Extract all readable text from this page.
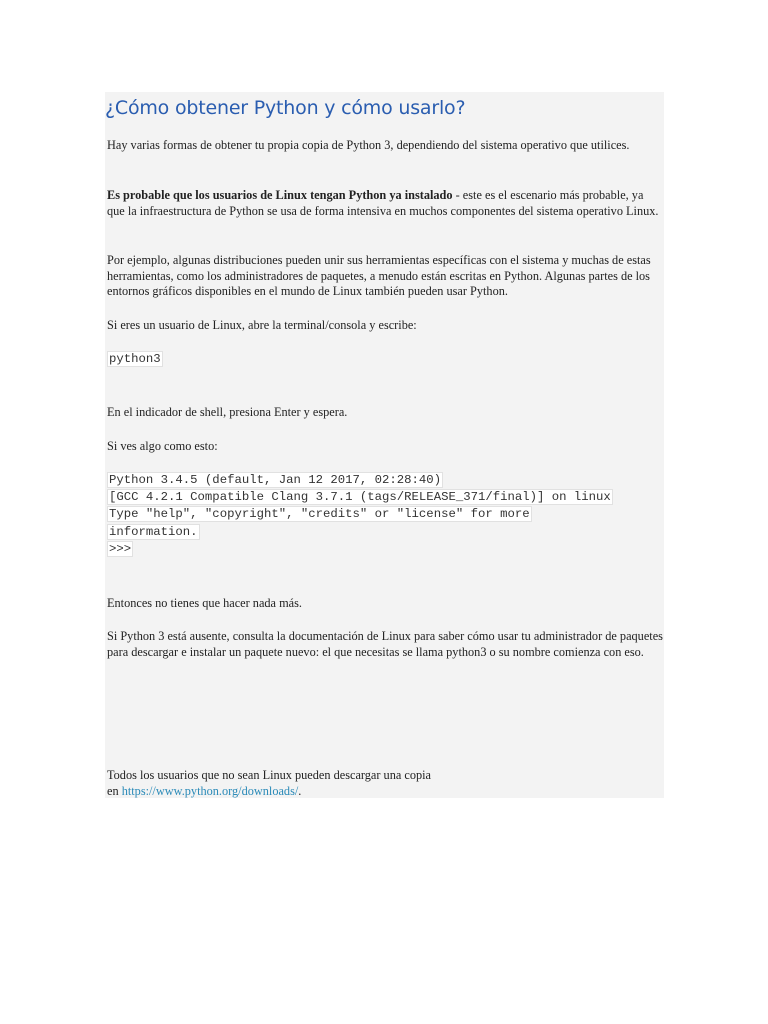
¿Cómo obtener Python y cómo usarlo?

Hay varias formas de obtener tu propia copia de Python 3, dependiendo del sistema operativo que utilices.

Es probable que los usuarios de Linux tengan Python ya instalado - este es el escenario más probable, ya que la infraestructura de Python se usa de forma intensiva en muchos componentes del sistema operativo Linux.

Por ejemplo, algunas distribuciones pueden unir sus herramientas específicas con el sistema y muchas de estas herramientas, como los administradores de paquetes, a menudo están escritas en Python. Algunas partes de los entornos gráficos disponibles en el mundo de Linux también pueden usar Python.

Si eres un usuario de Linux, abre la terminal/consola y escribe:

python3

En el indicador de shell, presiona Enter y espera.

Si ves algo como esto:

Python 3.4.5 (default, Jan 12 2017, 02:28:40)
[GCC 4.2.1 Compatible Clang 3.7.1 (tags/RELEASE_371/final)] on linux
Type "help", "copyright", "credits" or "license" for more
information.
>>>

Entonces no tienes que hacer nada más.

Si Python 3 está ausente, consulta la documentación de Linux para saber cómo usar tu administrador de paquetes para descargar e instalar un paquete nuevo: el que necesitas se llama python3 o su nombre comienza con eso.

Todos los usuarios que no sean Linux pueden descargar una copia
en https://www.python.org/downloads/.
